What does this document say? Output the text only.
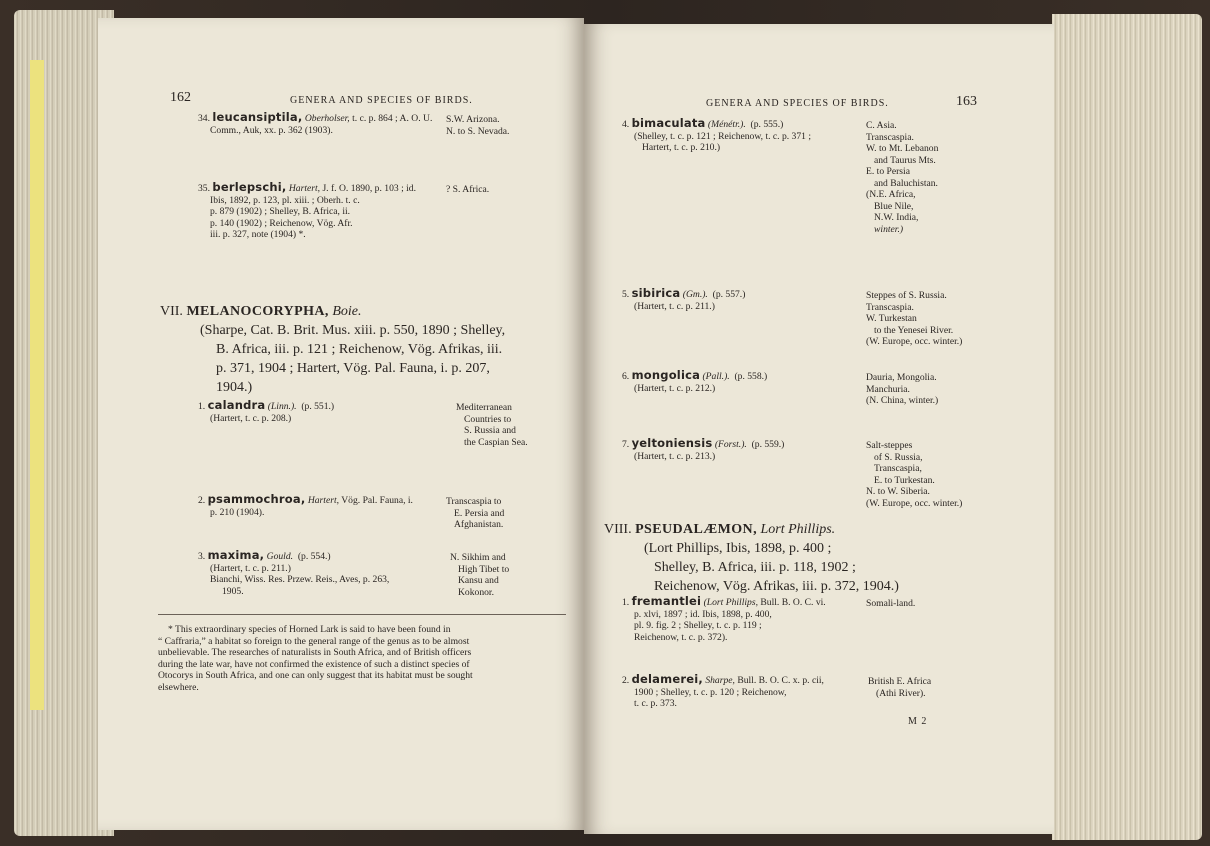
162	GENERA AND SPECIES OF BIRDS.
34. leucansiptila, Oberholser, t. c. p. 864 ; A. O. U.
Comm., Auk, xx. p. 362 (1903).
S.W. Arizona.
N. to S. Nevada.
35. berlepschi, Hartert, J. f. O. 1890, p. 103 ; id.
Ibis, 1892, p. 123, pl. xiii. ; Oberh. t. c.
p. 879 (1902) ; Shelley, B. Africa, ii.
p. 140 (1902) ; Reichenow, Vög. Afr.
iii. p. 327, note (1904) *.
? S. Africa.
VII. MELANOCORYPHA, Boie.
(Sharpe, Cat. B. Brit. Mus. xiii. p. 550, 1890 ; Shelley,
B. Africa, iii. p. 121 ; Reichenow, Vög. Afrikas, iii.
p. 371, 1904 ; Hartert, Vög. Pal. Fauna, i. p. 207,
1904.)
1. calandra (Linn.). (p. 551.)
(Hartert, t. c. p. 208.)
Mediterranean
Countries to
S. Russia and
the Caspian Sea.
2. psammochroa, Hartert, Vög. Pal. Fauna, i.
p. 210 (1904).
Transcaspia to
E. Persia and
Afghanistan.
3. maxima, Gould. (p. 554.)
(Hartert, t. c. p. 211.)
Bianchi, Wiss. Res. Przew. Reis., Aves, p. 263,
1905.
N. Sikhim and
High Tibet to
Kansu and
Kokonor.
* This extraordinary species of Horned Lark is said to have been found in
“ Caffraria,” a habitat so foreign to the general range of the genus as to be almost
unbelievable. The researches of naturalists in South Africa, and of British officers
during the late war, have not confirmed the existence of such a distinct species of
Otocorys in South Africa, and one can only suggest that its habitat must be sought
elsewhere.
GENERA AND SPECIES OF BIRDS.	163
4. bimaculata (Ménétr.). (p. 555.)
(Shelley, t. c. p. 121 ; Reichenow, t. c. p. 371 ;
Hartert, t. c. p. 210.)
C. Asia.
Transcaspia.
W. to Mt. Lebanon
and Taurus Mts.
E. to Persia
and Baluchistan.
(N.E. Africa,
Blue Nile,
N.W. India,
winter.)
5. sibirica (Gm.). (p. 557.)
(Hartert, t. c. p. 211.)
Steppes of S. Russia.
Transcaspia.
W. Turkestan
to the Yenesei River.
(W. Europe, occ. winter.)
6. mongolica (Pall.). (p. 558.)
(Hartert, t. c. p. 212.)
Dauria, Mongolia.
Manchuria.
(N. China, winter.)
7. yeltoniensis (Forst.). (p. 559.)
(Hartert, t. c. p. 213.)
Salt-steppes
of S. Russia,
Transcaspia,
E. to Turkestan.
N. to W. Siberia.
(W. Europe, occ. winter.)
VIII. PSEUDALÆMON, Lort Phillips.
(Lort Phillips, Ibis, 1898, p. 400 ;
Shelley, B. Africa, iii. p. 118, 1902 ;
Reichenow, Vög. Afrikas, iii. p. 372, 1904.)
1. fremantlei (Lort Phillips, Bull. B. O. C. vi.
p. xlvi, 1897 ; id. Ibis, 1898, p. 400,
pl. 9. fig. 2 ; Shelley, t. c. p. 119 ;
Reichenow, t. c. p. 372).
Somali-land.
2. delamerei, Sharpe, Bull. B. O. C. x. p. cii,
1900 ; Shelley, t. c. p. 120 ; Reichenow,
t. c. p. 373.
British E. Africa
(Athi River).
M 2
